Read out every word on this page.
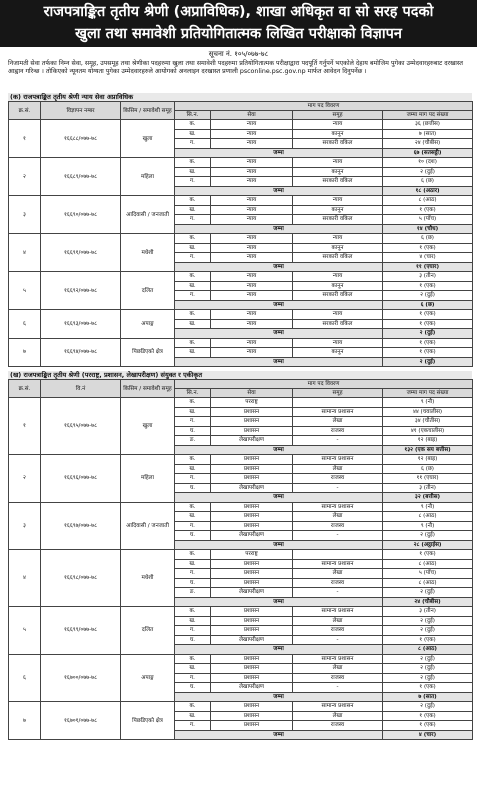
राजपत्राङ्कित तृतीय श्रेणी (अप्राविधिक), शाखा अधिकृत वा सो सरह पदको
खुला तथा समावेशी प्रतियोगितात्मक लिखित परीक्षाको विज्ञापन
सूचना नं. १०५/०७७-७८
निजामती सेवा तर्फका निम्न सेवा, समूह, उपसमूह तथा श्रेणीका पदहरुमा खुला तथा समावेशी पदहरुमा प्रतियोगितात्मक परीक्षाद्वारा पदपूर्ति गर्नुपर्ने भएकोले देहाय बमोजिम पुगेका उम्मेदवारहरुबाट दरखास्त आह्वान गरिन्छ । तोकिएको न्यूनतम योग्यता पुगेका उम्मेदवारहरुले आयोगको अनलाइन दरखास्त प्रणाली psconline.psc.gov.np मार्फत आवेदन दिनुपर्नेछ ।
(क) राजपत्राङ्कित तृतीय श्रेणी न्याय सेवा अप्राविधिक
क्र.सं.	विज्ञापन नम्बर	किसिम / समावेशी समूह	माग पद विवरण			
			सि.न.	सेवा	समूह	जम्मा माग पद संख्या
१	१६६८८/०७७-७८	खुला	क.	न्याय	न्याय	३६ (छत्तीस)
			ख.	न्याय	कानून	७ (सात)
			ग.	न्याय	सरकारी वकिल	२४ (चौबीस)
			जम्मा			६७ (सतसट्ठी)
२	१६६८९/०७७-७८	महिला	क.	न्याय	न्याय	१० (दश)
			ख.	न्याय	कानून	२ (दुई)
			ग.	न्याय	सरकारी वकिल	६ (छ)
			जम्मा			१८ (अठार)
३	१६६९०/०७७-७८	आदिवासी / जनजाती	क.	न्याय	न्याय	८ (आठ)
			ख.	न्याय	कानून	१ (एक)
			ग.	न्याय	सरकारी वकिल	५ (पाँच)
			जम्मा			१४ (चौध)
४	१६६९१/०७७-७८	मधेशी	क.	न्याय	न्याय	६ (छ)
			ख.	न्याय	कानून	१ (एक)
			ग.	न्याय	सरकारी वकिल	४ (चार)
			जम्मा			११ (एघार)
५	१६६९२/०७७-७८	दलित	क.	न्याय	न्याय	३ (तीन)
			ख.	न्याय	कानून	१ (एक)
			ग.	न्याय	सरकारी वकिल	२ (दुई)
			जम्मा			६ (छ)
६	१६६९३/०७७-७८	अपाङ्ग	क.	न्याय	न्याय	१ (एक)
			ख.	न्याय	सरकारी वकिल	१ (एक)
			जम्मा			२ (दुई)
७	१६६९४/०७७-७८	पिछडिएको क्षेत्र	क.	न्याय	न्याय	१ (एक)
			ख.	न्याय	कानून	१ (एक)
			जम्मा			२ (दुई)
(ख) राजपत्राङ्कित तृतीय श्रेणी (परराष्ट्र, प्रशासन, लेखापरीक्षण) संयुक्त र एकीकृत
क्र.सं.	वि.नं	किसिम / समावेशी समूह	माग पद विवरण			
			सि.न.	सेवा	समूह	जम्मा माग पद संख्या
१	१६६९५/०७७-७८	खुला	क.	परराष्ट्र		९ (नौ)
			ख.	प्रशासन	सामान्य प्रशासन	४४ (चवालीस)
			ग.	प्रशासन	लेखा	३४ (चौतीस)
			घ.	प्रशासन	राजस्व	४१ (एकचालीस)
			ङ.	लेखापरीक्षण	-	१२ (बाह्र)
			जम्मा			१३२ (एक सय बत्तीस)
२	१६६९६/०७७-७८	महिला	क.	प्रशासन	सामान्य प्रशासन	१२ (बाह्र)
			ख.	प्रशासन	लेखा	६ (छ)
			ग.	प्रशासन	राजस्व	११ (एघार)
			घ.	लेखापरीक्षण	-	३ (तीन)
			जम्मा			३२ (बत्तीस)
३	१६६९७/०७७-७८	आदिवासी / जनजाती	क.	प्रशासन	सामान्य प्रशासन	९ (नौ)
			ख.	प्रशासन	लेखा	८ (आठ)
			ग.	प्रशासन	राजस्व	९ (नौ)
			घ.	लेखापरीक्षण	-	२ (दुई)
			जम्मा			२८ (अट्ठाईस)
४	१६६९८/०७७-७८	मधेशी	क.	परराष्ट्र		१ (एक)
			ख.	प्रशासन	सामान्य प्रशासन	८ (आठ)
			ग.	प्रशासन	लेखा	५ (पाँच)
			घ.	प्रशासन	राजस्व	८ (आठ)
			ङ.	लेखापरीक्षण	-	२ (दुई)
			जम्मा			२४ (चौबीस)
५	१६६९९/०७७-७८	दलित	क.	प्रशासन	सामान्य प्रशासन	३ (तीन)
			ख.	प्रशासन	लेखा	२ (दुई)
			ग.	प्रशासन	राजस्व	२ (दुई)
			घ.	लेखापरीक्षण	-	१ (एक)
			जम्मा			८ (आठ)
६	१६७००/०७७-७८	अपाङ्ग	क.	प्रशासन	सामान्य प्रशासन	२ (दुई)
			ख.	प्रशासन	लेखा	२ (दुई)
			ग.	प्रशासन	राजस्व	२ (दुई)
			घ.	लेखापरीक्षण	-	१ (एक)
			जम्मा			७ (सात)
७	१६७०१/०७७-७८	पिछडिएको क्षेत्र	क.	प्रशासन	सामान्य प्रशासन	२ (दुई)
			ख.	प्रशासन	लेखा	१ (एक)
			ग.	प्रशासन	राजस्व	१ (एक)
			जम्मा			४ (चार)
